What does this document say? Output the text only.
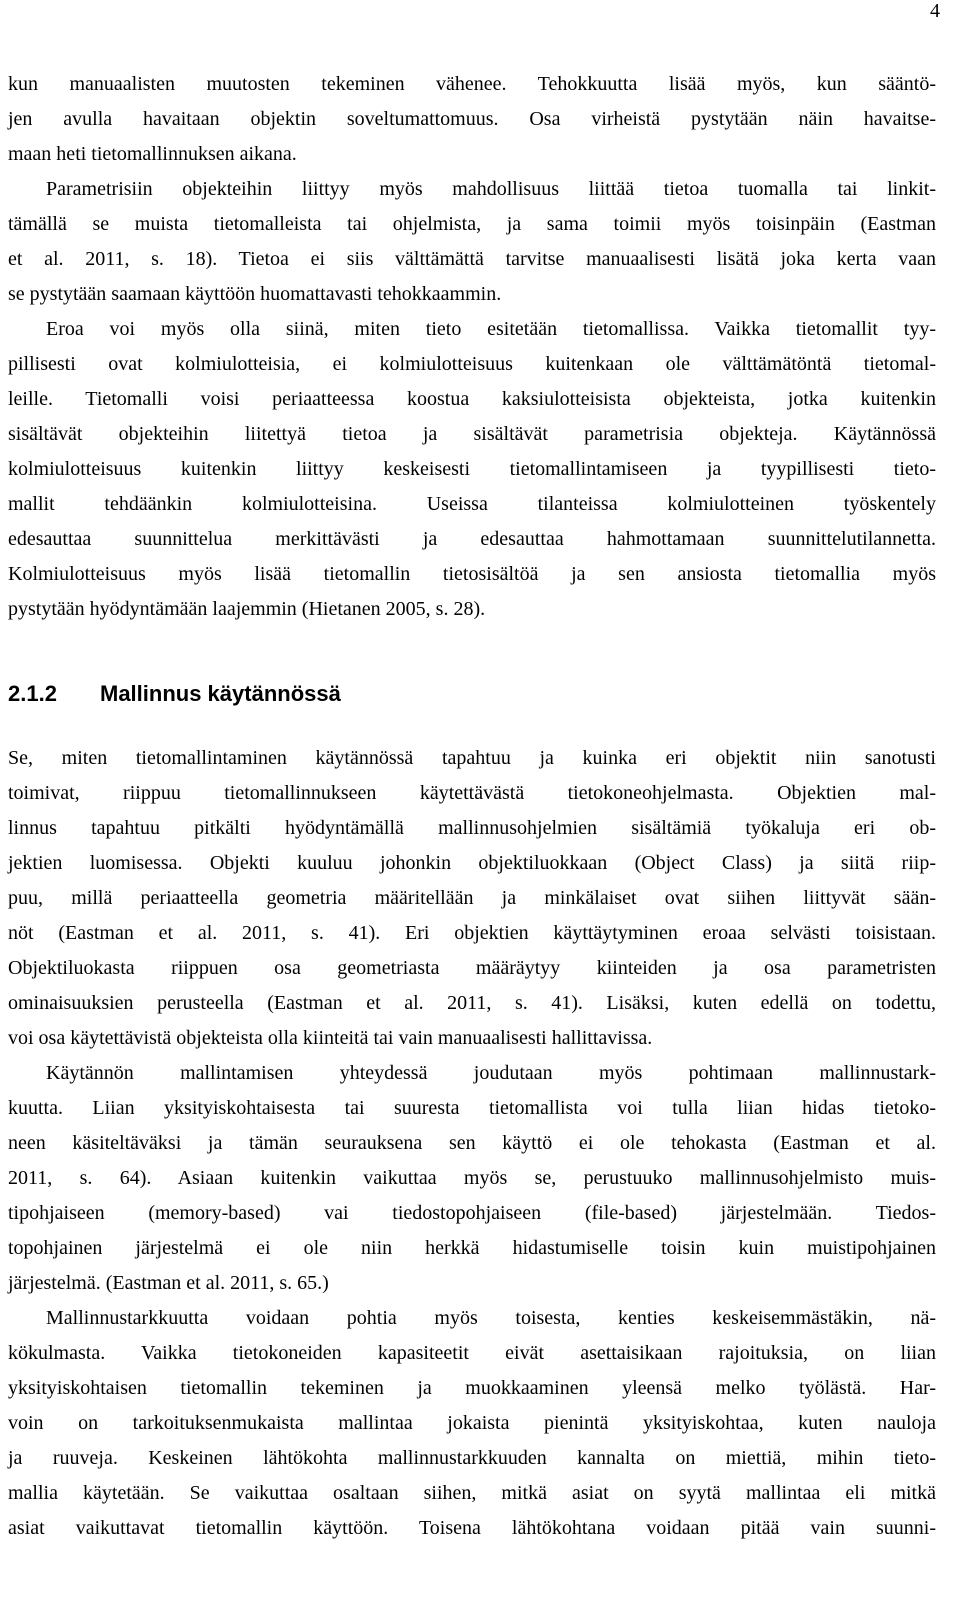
4
kun manuaalisten muutosten tekeminen vähenee. Tehokkuutta lisää myös, kun sääntö-
jen avulla havaitaan objektin soveltumattomuus. Osa virheistä pystytään näin havaitse-
maan heti tietomallinnuksen aikana.
Parametrisiin objekteihin liittyy myös mahdollisuus liittää tietoa tuomalla tai linkit-
tämällä se muista tietomalleista tai ohjelmista, ja sama toimii myös toisinpäin (Eastman
et al. 2011, s. 18). Tietoa ei siis välttämättä tarvitse manuaalisesti lisätä joka kerta vaan
se pystytään saamaan käyttöön huomattavasti tehokkaammin.
Eroa voi myös olla siinä, miten tieto esitetään tietomallissa. Vaikka tietomallit tyy-
pillisesti ovat kolmiulotteisia, ei kolmiulotteisuus kuitenkaan ole välttämätöntä tietomal-
leille. Tietomalli voisi periaatteessa koostua kaksiulotteisista objekteista, jotka kuitenkin
sisältävät objekteihin liitettyä tietoa ja sisältävät parametrisia objekteja. Käytännössä
kolmiulotteisuus kuitenkin liittyy keskeisesti tietomallintamiseen ja tyypillisesti tieto-
mallit tehdäänkin kolmiulotteisina. Useissa tilanteissa kolmiulotteinen työskentely
edesauttaa suunnittelua merkittävästi ja edesauttaa hahmottamaan suunnittelutilannetta.
Kolmiulotteisuus myös lisää tietomallin tietosisältöä ja sen ansiosta tietomallia myös
pystytään hyödyntämään laajemmin (Hietanen 2005, s. 28).
2.1.2 Mallinnus käytännössä
Se, miten tietomallintaminen käytännössä tapahtuu ja kuinka eri objektit niin sanotusti
toimivat, riippuu tietomallinnukseen käytettävästä tietokoneohjelmasta. Objektien mal-
linnus tapahtuu pitkälti hyödyntämällä mallinnusohjelmien sisältämiä työkaluja eri ob-
jektien luomisessa. Objekti kuuluu johonkin objektiluokkaan (Object Class) ja siitä riip-
puu, millä periaatteella geometria määritellään ja minkälaiset ovat siihen liittyvät sään-
nöt (Eastman et al. 2011, s. 41). Eri objektien käyttäytyminen eroaa selvästi toisistaan.
Objektiluokasta riippuen osa geometriasta määräytyy kiinteiden ja osa parametristen
ominaisuuksien perusteella (Eastman et al. 2011, s. 41). Lisäksi, kuten edellä on todettu,
voi osa käytettävistä objekteista olla kiinteitä tai vain manuaalisesti hallittavissa.
Käytännön mallintamisen yhteydessä joudutaan myös pohtimaan mallinnustark-
kuutta. Liian yksityiskohtaisesta tai suuresta tietomallista voi tulla liian hidas tietoko-
neen käsiteltäväksi ja tämän seurauksena sen käyttö ei ole tehokasta (Eastman et al.
2011, s. 64). Asiaan kuitenkin vaikuttaa myös se, perustuuko mallinnusohjelmisto muis-
tipohjaiseen (memory-based) vai tiedostopohjaiseen (file-based) järjestelmään. Tiedos-
topohjainen järjestelmä ei ole niin herkkä hidastumiselle toisin kuin muistipohjainen
järjestelmä. (Eastman et al. 2011, s. 65.)
Mallinnustarkkuutta voidaan pohtia myös toisesta, kenties keskeisemmästäkin, nä-
kökulmasta. Vaikka tietokoneiden kapasiteetit eivät asettaisikaan rajoituksia, on liian
yksityiskohtaisen tietomallin tekeminen ja muokkaaminen yleensä melko työlästä. Har-
voin on tarkoituksenmukaista mallintaa jokaista pienintä yksityiskohtaa, kuten nauloja
ja ruuveja. Keskeinen lähtökohta mallinnustarkkuuden kannalta on miettiä, mihin tieto-
mallia käytetään. Se vaikuttaa osaltaan siihen, mitkä asiat on syytä mallintaa eli mitkä
asiat vaikuttavat tietomallin käyttöön. Toisena lähtökohtana voidaan pitää vain suunni-
